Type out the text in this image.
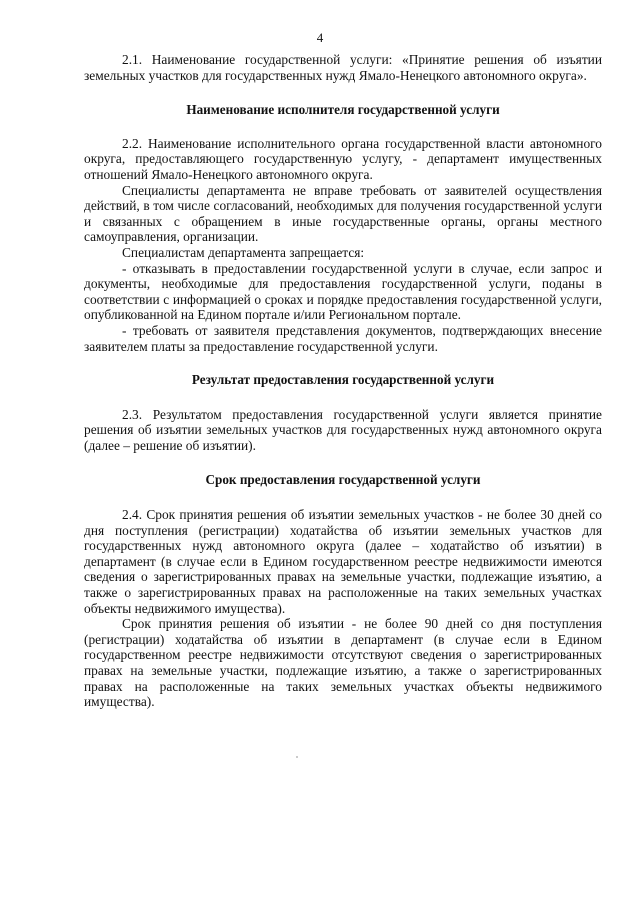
4

2.1. Наименование государственной услуги: «Принятие решения об изъятии земельных участков для государственных нужд Ямало-Ненецкого автономного округа».

Наименование исполнителя государственной услуги

2.2. Наименование исполнительного органа государственной власти автономного округа, предоставляющего государственную услугу, - департамент имущественных отношений Ямало-Ненецкого автономного округа.

Специалисты департамента не вправе требовать от заявителей осуществления действий, в том числе согласований, необходимых для получения государственной услуги и связанных с обращением в иные государственные органы, органы местного самоуправления, организации.

Специалистам департамента запрещается:

- отказывать в предоставлении государственной услуги в случае, если запрос и документы, необходимые для предоставления государственной услуги, поданы в соответствии с информацией о сроках и порядке предоставления государственной услуги, опубликованной на Едином портале и/или Региональном портале.

- требовать от заявителя представления документов, подтверждающих внесение заявителем платы за предоставление государственной услуги.

Результат предоставления государственной услуги

2.3. Результатом предоставления государственной услуги является принятие решения об изъятии земельных участков для государственных нужд автономного округа (далее – решение об изъятии).

Срок предоставления государственной услуги

2.4. Срок принятия решения об изъятии земельных участков - не более 30 дней со дня поступления (регистрации) ходатайства об изъятии земельных участков для государственных нужд автономного округа (далее – ходатайство об изъятии) в департамент (в случае если в Едином государственном реестре недвижимости имеются сведения о зарегистрированных правах на земельные участки, подлежащие изъятию, а также о зарегистрированных правах на расположенные на таких земельных участках объекты недвижимого имущества).

Срок принятия решения об изъятии - не более 90 дней со дня поступления (регистрации) ходатайства об изъятии в департамент (в случае если в Едином государственном реестре недвижимости отсутствуют сведения о зарегистрированных правах на земельные участки, подлежащие изъятию, а также о зарегистрированных правах на расположенные на таких земельных участках объекты недвижимого имущества).
